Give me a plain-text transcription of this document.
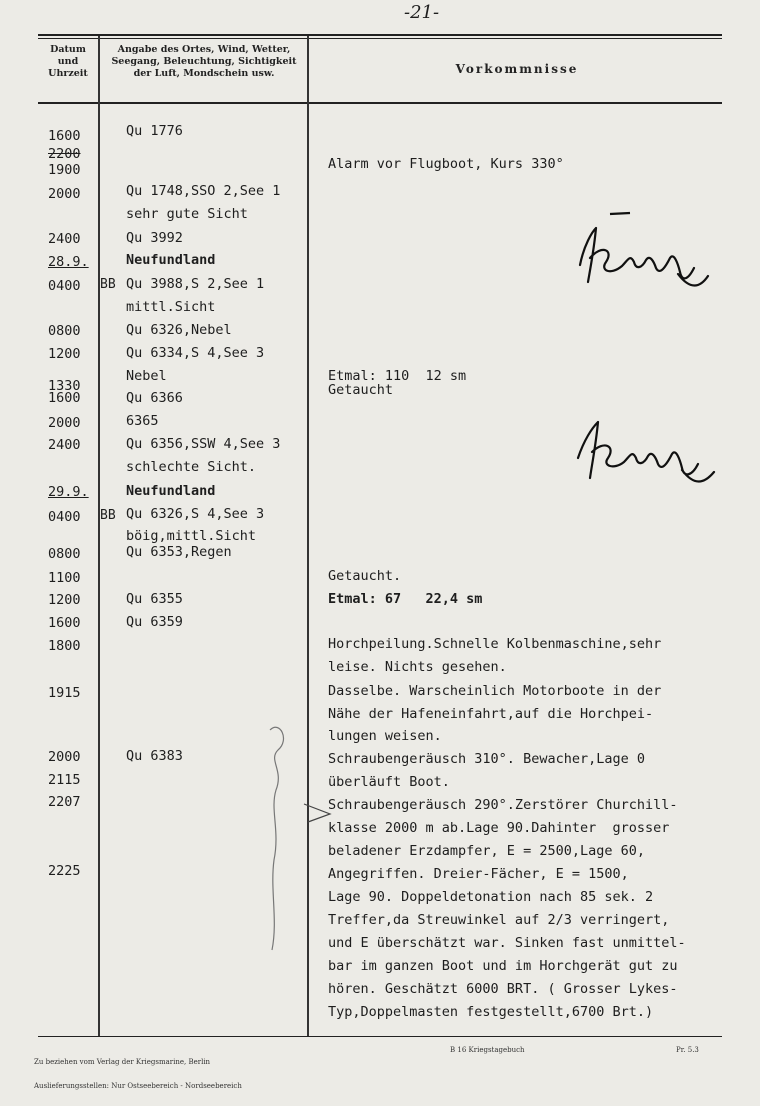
-21-
Datum
und
Uhrzeit
Angabe des Ortes, Wind, Wetter,
Seegang, Beleuchtung, Sichtigkeit
der Luft, Mondschein usw.	Vorkommnisse
1600
2200
1900
2000
2400
28.9.
0400
0800
1200
1330
1600
2000
2400
29.9.
0400
0800
1100
1200
1600
1800
1915
2000
2115
2207
2225
BB
BB
Qu 1776
Qu 1748,SSO 2,See 1
sehr gute Sicht
Qu 3992
Neufundland
Qu 3988,S 2,See 1
mittl.Sicht
Qu 6326,Nebel
Qu 6334,S 4,See 3
Nebel
Qu 6366
6365
Qu 6356,SSW 4,See 3
schlechte Sicht.
Neufundland
Qu 6326,S 4,See 3
böig,mittl.Sicht
Qu 6353,Regen
Qu 6355
Qu 6359
Qu 6383
Alarm vor Flugboot, Kurs 330°
Etmal: 110  12 sm
Getaucht
Getaucht.
Etmal: 67   22,4 sm
Horchpeilung.Schnelle Kolbenmaschine,sehr
leise. Nichts gesehen.
Dasselbe. Warscheinlich Motorboote in der
Nähe der Hafeneinfahrt,auf die Horchpei-
lungen weisen.
Schraubengeräusch 310°. Bewacher,Lage 0
überläuft Boot.
Schraubengeräusch 290°.Zerstörer Churchill-
klasse 2000 m ab.Lage 90.Dahinter  grosser
beladener Erzdampfer, E = 2500,Lage 60,
Angegriffen. Dreier-Fächer, E = 1500,
Lage 90. Doppeldetonation nach 85 sek. 2
Treffer,da Streuwinkel auf 2/3 verringert,
und E überschätzt war. Sinken fast unmittel-
bar im ganzen Boot und im Horchgerät gut zu
hören. Geschätzt 6000 BRT. ( Grosser Lykes-
Typ,Doppelmasten festgestellt,6700 Brt.)

Zu beziehen vom Verlag der Kriegsmarine, Berlin

Auslieferungsstellen: Nur Ostseebereich - Nordseebereich

B 16 Kriegstagebuch	Pr. 5.3
